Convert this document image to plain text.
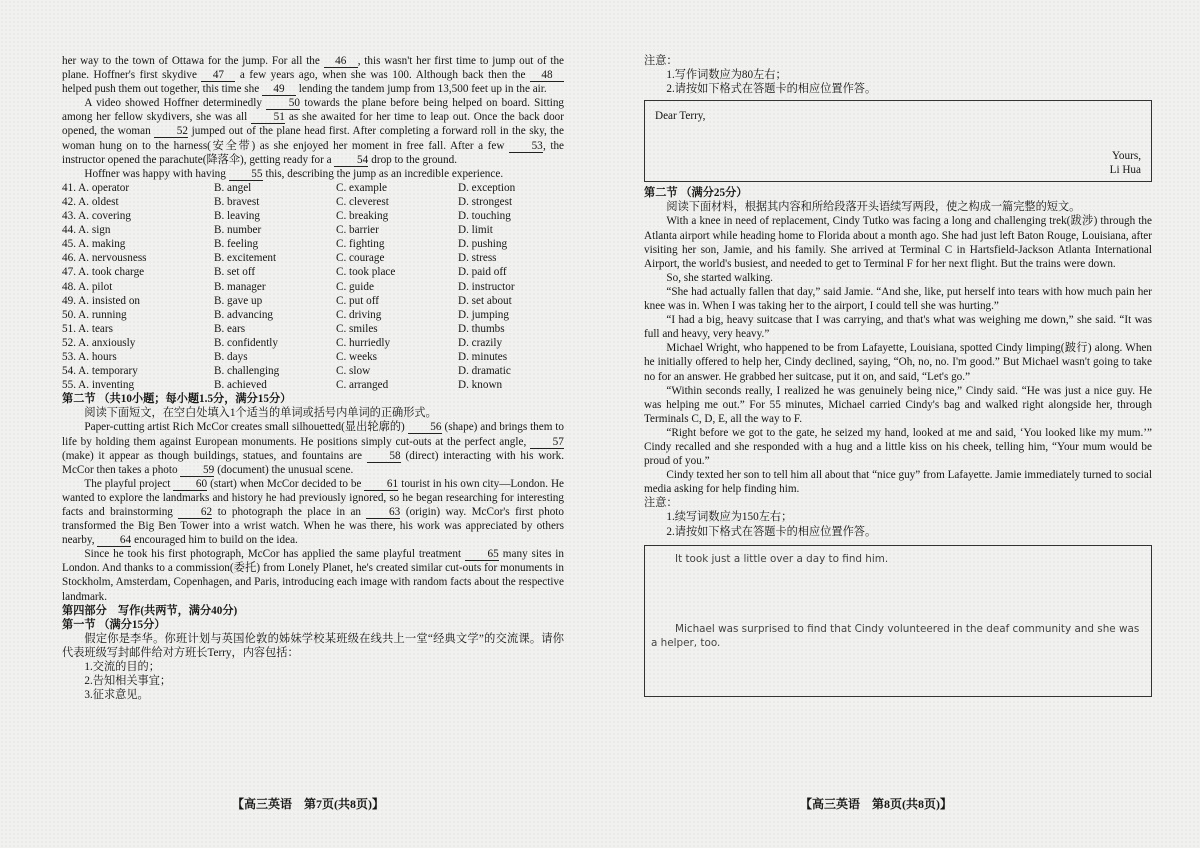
her way to the town of Ottawa for the jump. For all the 46 , this wasn't her first time to jump out of the plane. Hoffner's first skydive 47 a few years ago, when she was 100. Although back then the 48 helped push them out together, this time she 49 lending the tandem jump from 13,500 feet up in the air.

A video showed Hoffner determinedly 50 towards the plane before being helped on board. Sitting among her fellow skydivers, she was all 51 as she awaited for her time to leap out. Once the back door opened, the woman 52 jumped out of the plane head first. After completing a forward roll in the sky, the woman hung on to the harness(安全带) as she enjoyed her moment in free fall. After a few 53, the instructor opened the parachute(降落伞), getting ready for a 54 drop to the ground.

Hoffner was happy with having 55 this, describing the jump as an incredible experience.

41. A. operator	B. angel	C. example	D. exception
42. A. oldest	B. bravest	C. cleverest	D. strongest
43. A. covering	B. leaving	C. breaking	D. touching
44. A. sign	B. number	C. barrier	D. limit
45. A. making	B. feeling	C. fighting	D. pushing
46. A. nervousness	B. excitement	C. courage	D. stress
47. A. took charge	B. set off	C. took place	D. paid off
48. A. pilot	B. manager	C. guide	D. instructor
49. A. insisted on	B. gave up	C. put off	D. set about
50. A. running	B. advancing	C. driving	D. jumping
51. A. tears	B. ears	C. smiles	D. thumbs
52. A. anxiously	B. confidently	C. hurriedly	D. crazily
53. A. hours	B. days	C. weeks	D. minutes
54. A. temporary	B. challenging	C. slow	D. dramatic
55. A. inventing	B. achieved	C. arranged	D. known

第二节 （共10小题；每小题1.5分，满分15分）

阅读下面短文，在空白处填入1个适当的单词或括号内单词的正确形式。

Paper-cutting artist Rich McCor creates small silhouetted(显出轮廓的) 56 (shape) and brings them to life by holding them against European monuments. He positions simply cut-outs at the perfect angle, 57 (make) it appear as though buildings, statues, and fountains are 58 (direct) interacting with his work. McCor then takes a photo 59 (document) the unusual scene.

The playful project 60 (start) when McCor decided to be 61 tourist in his own city—London. He wanted to explore the landmarks and history he had previously ignored, so he began researching for interesting facts and brainstorming 62 to photograph the place in an 63 (origin) way. McCor's first photo transformed the Big Ben Tower into a wrist watch. When he was there, his work was appreciated by others nearby, 64 encouraged him to build on the idea.

Since he took his first photograph, McCor has applied the same playful treatment 65 many sites in London. And thanks to a commission(委托) from Lonely Planet, he's created similar cut-outs for monuments in Stockholm, Amsterdam, Copenhagen, and Paris, introducing each image with random facts about the respective landmark.

第四部分　写作(共两节，满分40分)

第一节 （满分15分）

假定你是李华。你班计划与英国伦敦的姊妹学校某班级在线共上一堂“经典文学”的交流课。请你代表班级写封邮件给对方班长Terry，内容包括：

1.交流的目的；

2.告知相关事宜；

3.征求意见。

【高三英语　第7页(共8页)】

注意：

1.写作词数应为80左右；

2.请按如下格式在答题卡的相应位置作答。

Dear Terry,
Yours,
Li Hua

第二节 （满分25分）

阅读下面材料，根据其内容和所给段落开头语续写两段，使之构成一篇完整的短文。

With a knee in need of replacement, Cindy Tutko was facing a long and challenging trek(跋涉) through the Atlanta airport while heading home to Florida about a month ago. She had just left Baton Rouge, Louisiana, after visiting her son, Jamie, and his family. She arrived at Terminal C in Hartsfield-Jackson Atlanta International Airport, the world's busiest, and needed to get to Terminal F for her next flight. But the trains were down.

So, she started walking.

“She had actually fallen that day,” said Jamie. “And she, like, put herself into tears with how much pain her knee was in. When I was taking her to the airport, I could tell she was hurting.”

“I had a big, heavy suitcase that I was carrying, and that's what was weighing me down,” she said. “It was full and heavy, very heavy.”

Michael Wright, who happened to be from Lafayette, Louisiana, spotted Cindy limping(跛行) along. When he initially offered to help her, Cindy declined, saying, “Oh, no, no. I'm good.” But Michael wasn't going to take no for an answer. He grabbed her suitcase, put it on, and said, “Let's go.”

“Within seconds really, I realized he was genuinely being nice,” Cindy said. “He was just a nice guy. He was helping me out.” For 55 minutes, Michael carried Cindy's bag and walked right alongside her, through Terminals C, D, E, all the way to F.

“Right before we got to the gate, he seized my hand, looked at me and said, ‘You looked like my mum.’” Cindy recalled and she responded with a hug and a little kiss on his cheek, telling him, “Your mum would be proud of you.”

Cindy texted her son to tell him all about that “nice guy” from Lafayette. Jamie immediately turned to social media asking for help finding him.

注意：

1.续写词数应为150左右；

2.请按如下格式在答题卡的相应位置作答。

It took just a little over a day to find him.
Michael was surprised to find that Cindy volunteered in the deaf community and she was a helper, too.
【高三英语　第8页(共8页)】
